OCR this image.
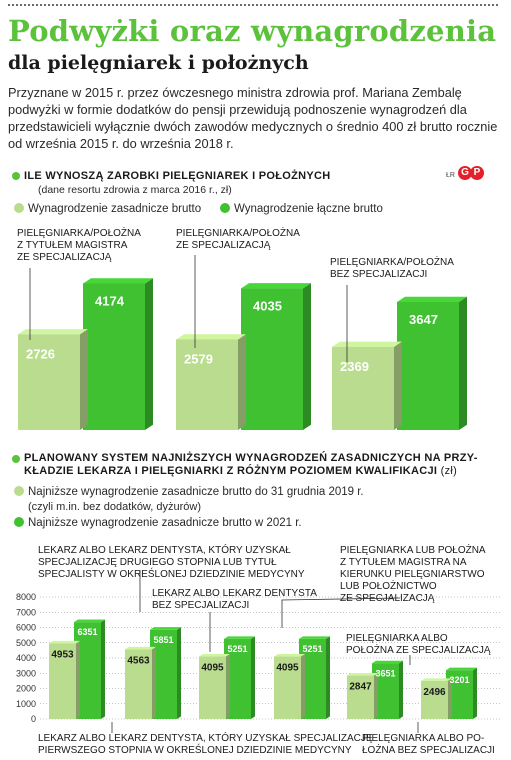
Podwyżki oraz wynagrodzenia
dla pielęgniarek i położnych

Przyznane w 2015 r. przez ówczesnego ministra zdrowia prof. Mariana Zembalę podwyżki w formie dodatków do pensji przewidują podnoszenie wynagrodzeń dla przedstawicieli wyłącznie dwóch zawodów medycznych o średnio 400 zł brutto rocznie od września 2015 r. do września 2018 r.

ILE WYNOSZĄ ZAROBKI PIELĘGNIAREK I POŁOŻNYCH
(dane resortu zdrowia z marca 2016 r., zł)
ŁR G P
Wynagrodzenie zasadnicze brutto	Wynagrodzenie łączne brutto
PIELĘGNIARKA/POŁOŻNA
Z TYTUŁEM MAGISTRA
ZE SPECJALIZACJĄ
PIELĘGNIARKA/POŁOŻNA
ZE SPECJALIZACJĄ
PIELĘGNIARKA/POŁOŻNA
BEZ SPECJALIZACJI
PLANOWANY SYSTEM NAJNIŻSZYCH WYNAGRODZEŃ ZASADNICZYCH NA PRZY-
KŁADZIE LEKARZA I PIELĘGNIARKI Z RÓŻNYM POZIOMEM KWALIFIKACJI (zł)
Najniższe wynagrodzenie zasadnicze brutto do 31 grudnia 2019 r.
(czyli m.in. bez dodatków, dyżurów)
Najniższe wynagrodzenie zasadnicze brutto w 2021 r.
LEKARZ ALBO LEKARZ DENTYSTA, KTÓRY UZYSKAŁ
SPECJALIZACJĘ DRUGIEGO STOPNIA LUB TYTUŁ
SPECJALISTY W OKREŚLONEJ DZIEDZINIE MEDYCYNY
LEKARZ ALBO LEKARZ DENTYSTA, KTÓRY UZYSKAŁ SPECJALIZACJĘ
PIERWSZEGO STOPNIA W OKREŚLONEJ DZIEDZINIE MEDYCYNY
LEKARZ ALBO LEKARZ DENTYSTA
BEZ SPECJALIZACJI
PIELĘGNIARKA LUB POŁOŻNA
Z TYTUŁEM MAGISTRA NA
KIERUNKU PIELĘGNIARSTWO
LUB POŁOŻNICTWO
ZE SPECJALIZACJĄ
PIELĘGNIARKA ALBO
POŁOŻNA ZE SPECJALIZACJĄ
PIELĘGNIARKA ALBO PO-
ŁOŻNA BEZ SPECJALIZACJI
2726
4174
2579
4035
2369
3647
0
1000
2000
3000
4000
5000
6000
7000
8000
4953
6351
4563
5851
4095
5251
4095
5251
2847
3651
2496
3201
